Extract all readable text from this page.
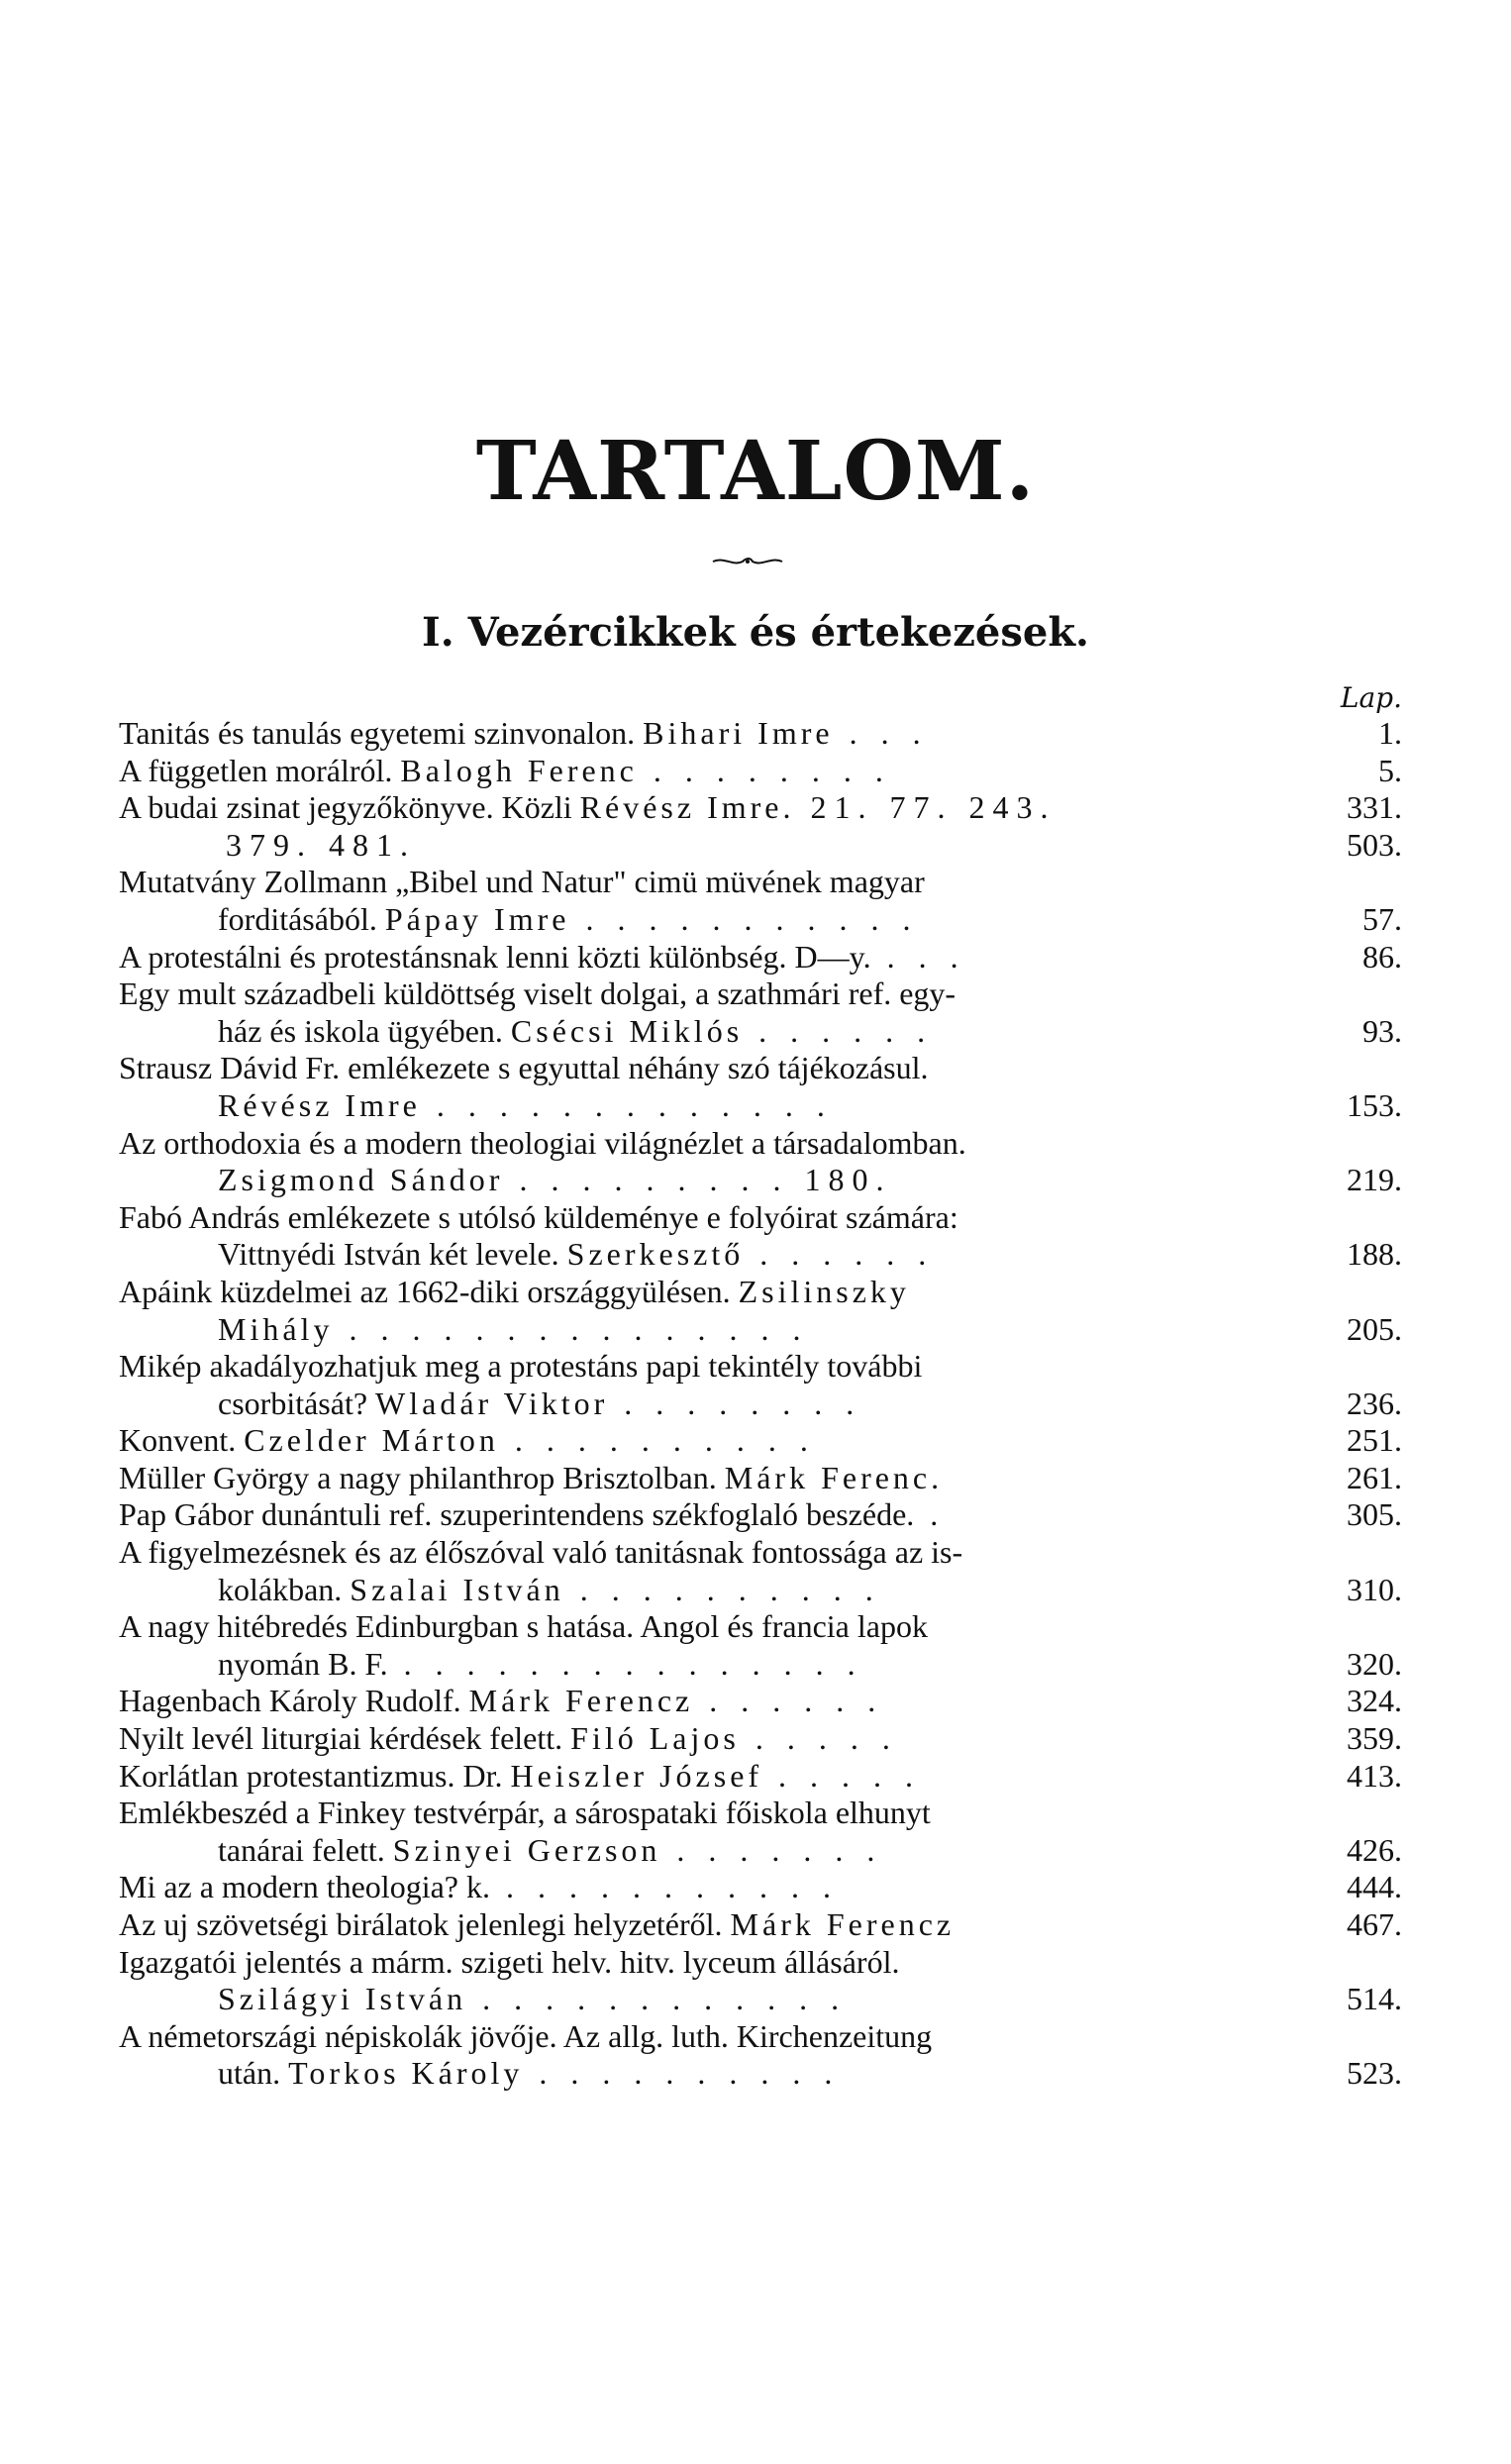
TARTALOM.
I. Vezércikkek és értekezések.
Lap.
Tanitás és tanulás egyetemi szinvonalon. Bihari Imre . . .	1.
A független morálról. Balogh Ferenc . . . . . . . .	5.
A budai zsinat jegyzőkönyve. Közli Révész Imre. 21. 77. 243.	331.
379. 481.	503.
Mutatvány Zollmann „Bibel und Natur" cimü müvének magyar
forditásából. Pápay Imre . . . . . . . . . . .	57.
A protestálni és protestánsnak lenni közti különbség. D—y. . . .	86.
Egy mult századbeli küldöttség viselt dolgai, a szathmári ref. egy-
ház és iskola ügyében. Csécsi Miklós . . . . . .	93.
Strausz Dávid Fr. emlékezete s egyuttal néhány szó tájékozásul.
Révész Imre . . . . . . . . . . . . .	153.
Az orthodoxia és a modern theologiai világnézlet a társadalomban.
Zsigmond Sándor . . . . . . . . . 180.	219.
Fabó András emlékezete s utólsó küldeménye e folyóirat számára:
Vittnyédi István két levele. Szerkesztő . . . . . .	188.
Apáink küzdelmei az 1662-diki országgyülésen. Zsilinszky
Mihály . . . . . . . . . . . . . . .	205.
Mikép akadályozhatjuk meg a protestáns papi tekintély további
csorbitását? Wladár Viktor . . . . . . . .	236.
Konvent. Czelder Márton . . . . . . . . . .	251.
Müller György a nagy philanthrop Brisztolban. Márk Ferenc.	261.
Pap Gábor dunántuli ref. szuperintendens székfoglaló beszéde. .	305.
A figyelmezésnek és az élőszóval való tanitásnak fontossága az is-
kolákban. Szalai István . . . . . . . . . .	310.
A nagy hitébredés Edinburgban s hatása. Angol és francia lapok
nyomán B. F. . . . . . . . . . . . . . . .	320.
Hagenbach Károly Rudolf. Márk Ferencz . . . . . .	324.
Nyilt levél liturgiai kérdések felett. Filó Lajos . . . . .	359.
Korlátlan protestantizmus. Dr. Heiszler József . . . . .	413.
Emlékbeszéd a Finkey testvérpár, a sárospataki főiskola elhunyt
tanárai felett. Szinyei Gerzson . . . . . . .	426.
Mi az a modern theologia? k. . . . . . . . . . . .	444.
Az uj szövetségi birálatok jelenlegi helyzetéről. Márk Ferencz	467.
Igazgatói jelentés a márm. szigeti helv. hitv. lyceum állásáról.
Szilágyi István . . . . . . . . . . . .	514.
A németországi népiskolák jövője. Az allg. luth. Kirchenzeitung
után. Torkos Károly . . . . . . . . . .	523.
